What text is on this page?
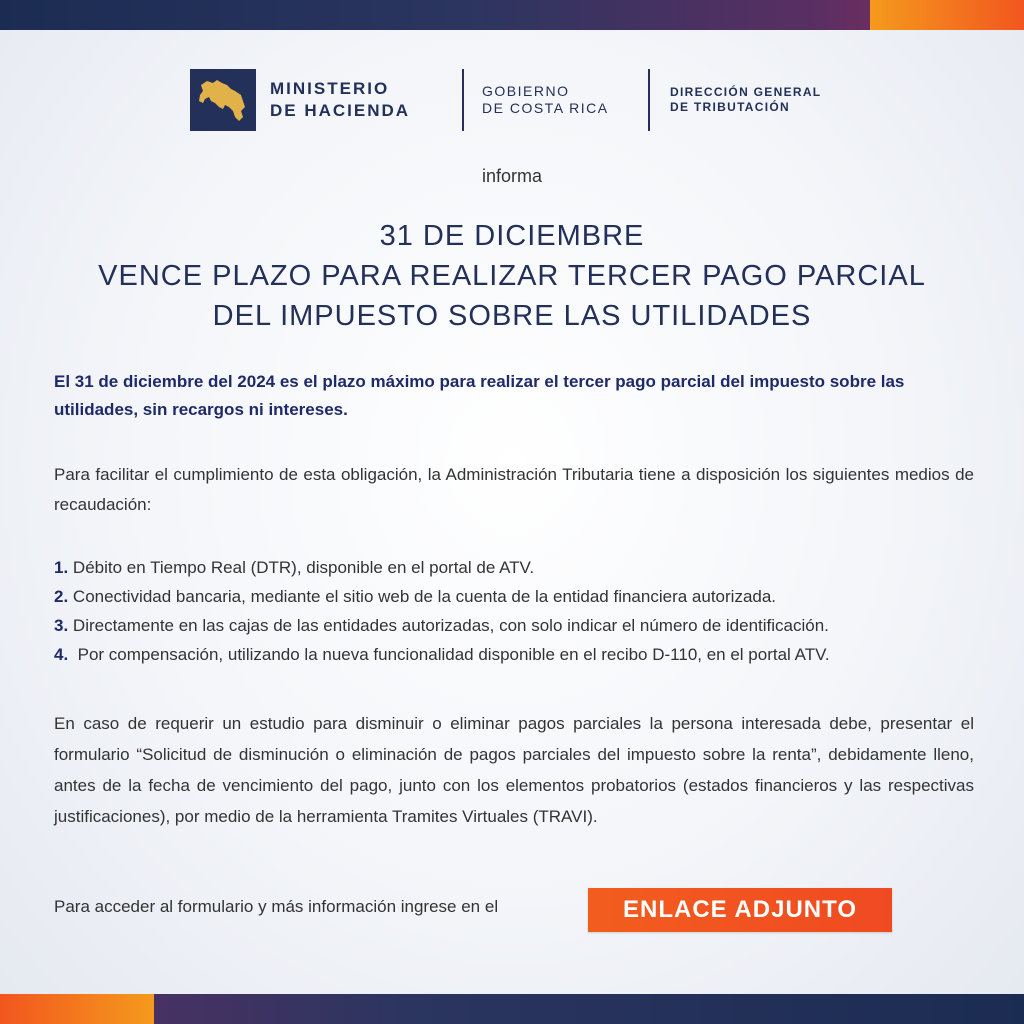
MINISTERIO
DE HACIENDA
GOBIERNO
DE COSTA RICA
DIRECCIÓN GENERAL
DE TRIBUTACIÓN
informa
31 DE DICIEMBRE
VENCE PLAZO PARA REALIZAR TERCER PAGO PARCIAL
DEL IMPUESTO SOBRE LAS UTILIDADES

El 31 de diciembre del 2024 es el plazo máximo para realizar el tercer pago parcial del impuesto sobre las utilidades, sin recargos ni intereses.

Para facilitar el cumplimiento de esta obligación, la Administración Tributaria tiene a disposición los siguientes medios de recaudación:

1. Débito en Tiempo Real (DTR), disponible en el portal de ATV.
2. Conectividad bancaria, mediante el sitio web de la cuenta de la entidad financiera autorizada.
3. Directamente en las cajas de las entidades autorizadas, con solo indicar el número de identificación.
4.  Por compensación, utilizando la nueva funcionalidad disponible en el recibo D-110, en el portal ATV.

En caso de requerir un estudio para disminuir o eliminar pagos parciales la persona interesada debe, presentar el formulario “Solicitud de disminución o eliminación de pagos parciales del impuesto sobre la renta”, debidamente lleno, antes de la fecha de vencimiento del pago, junto con los elementos probatorios (estados financieros y las respectivas justificaciones), por medio de la herramienta Tramites Virtuales (TRAVI).

Para acceder al formulario y más información ingrese en el	ENLACE ADJUNTO
